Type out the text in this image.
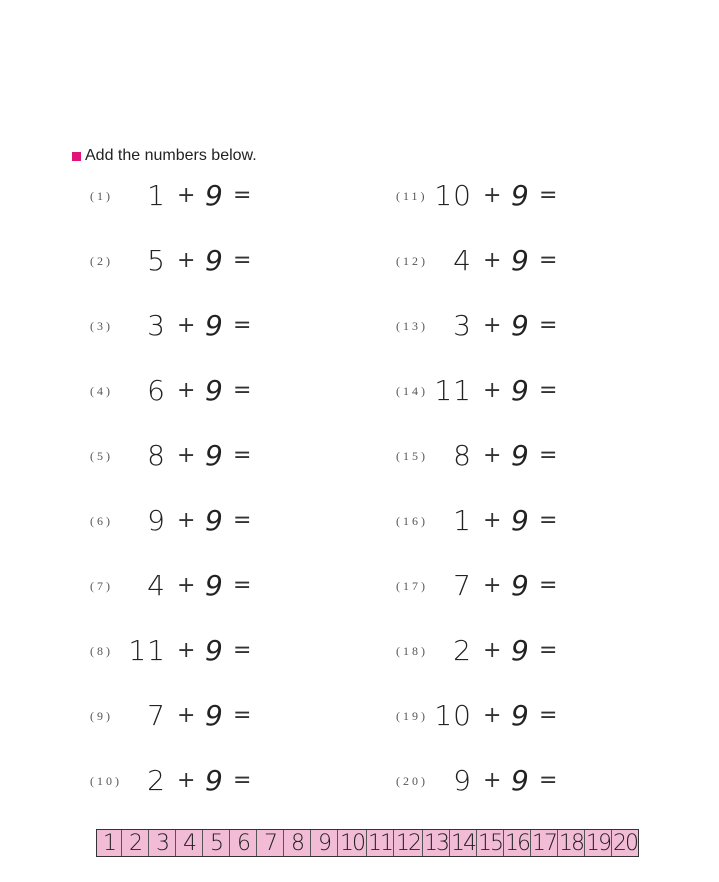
Add the numbers below.
(1)	1 + 9 =
(2)	5 + 9 =
(3)	3 + 9 =
(4)	6 + 9 =
(5)	8 + 9 =
(6)	9 + 9 =
(7)	4 + 9 =
(8) 11 + 9 =
(9)	7 + 9 =
(10) 2 + 9 =
(11) 10 + 9 =
(12) 4 + 9 =
(13) 3 + 9 =
(14) 11 + 9 =
(15) 8 + 9 =
(16) 1 + 9 =
(17) 7 + 9 =
(18) 2 + 9 =
(19) 10 + 9 =
(20) 9 + 9 =
1 2 3 4 5 6 7 8 9 10 11 12 13 14 15 16 17 18 19 20
